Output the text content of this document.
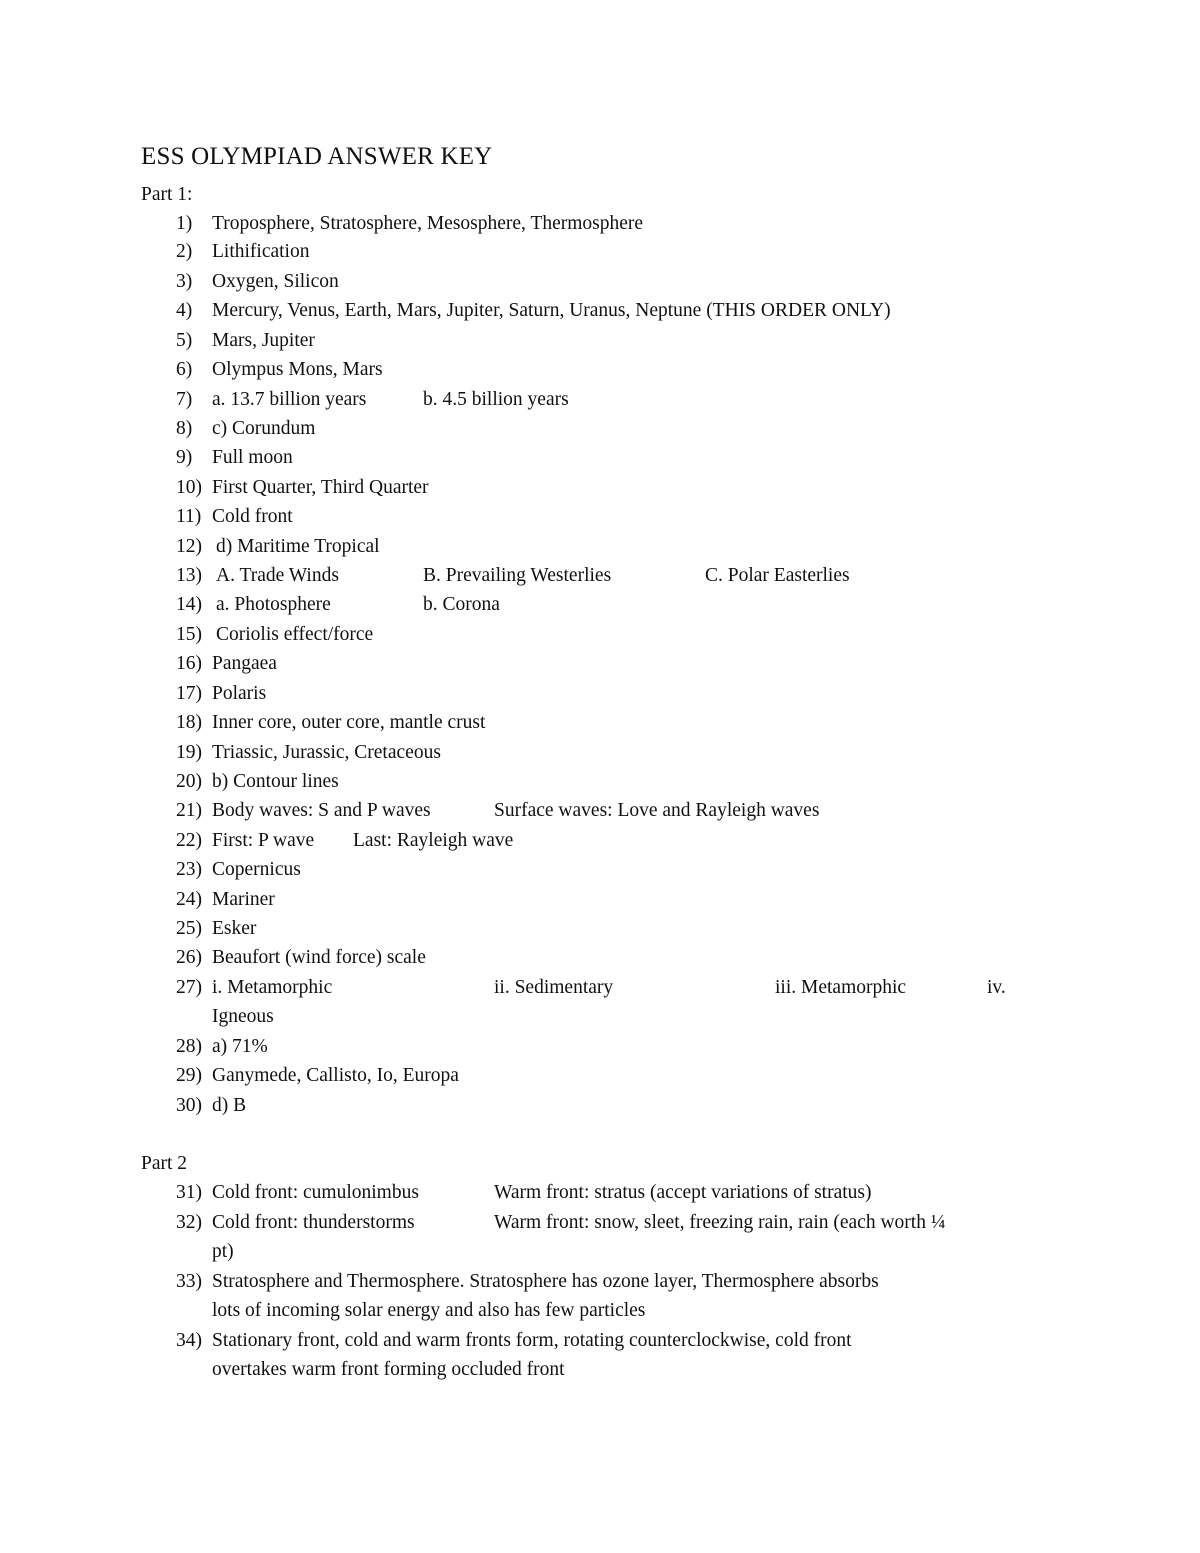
ESS OLYMPIAD ANSWER KEY
Part 1:
1) Troposphere, Stratosphere, Mesosphere, Thermosphere
2) Lithification
3) Oxygen, Silicon
4) Mercury, Venus, Earth, Mars, Jupiter, Saturn, Uranus, Neptune (THIS ORDER ONLY)
5) Mars, Jupiter
6) Olympus Mons, Mars
7) a. 13.7 billion years	b. 4.5 billion years
8) c) Corundum
9) Full moon
10) First Quarter, Third Quarter
11) Cold front
12) d) Maritime Tropical
13) A. Trade Winds	B. Prevailing Westerlies	C. Polar Easterlies
14) a. Photosphere	b. Corona
15) Coriolis effect/force
16) Pangaea
17) Polaris
18) Inner core, outer core, mantle crust
19) Triassic, Jurassic, Cretaceous
20) b) Contour lines
21) Body waves: S and P waves	Surface waves: Love and Rayleigh waves
22) First: P wave Last: Rayleigh wave
23) Copernicus
24) Mariner
25) Esker
26) Beaufort (wind force) scale
27) i. Metamorphic	ii. Sedimentary	iii. Metamorphic	iv.
Igneous
28) a) 71%
29) Ganymede, Callisto, Io, Europa
30) d) B
Part 2
31) Cold front: cumulonimbus	Warm front: stratus (accept variations of stratus)
32) Cold front: thunderstorms	Warm front: snow, sleet, freezing rain, rain (each worth ¼
pt)
33) Stratosphere and Thermosphere. Stratosphere has ozone layer, Thermosphere absorbs
lots of incoming solar energy and also has few particles
34) Stationary front, cold and warm fronts form, rotating counterclockwise, cold front
overtakes warm front forming occluded front
